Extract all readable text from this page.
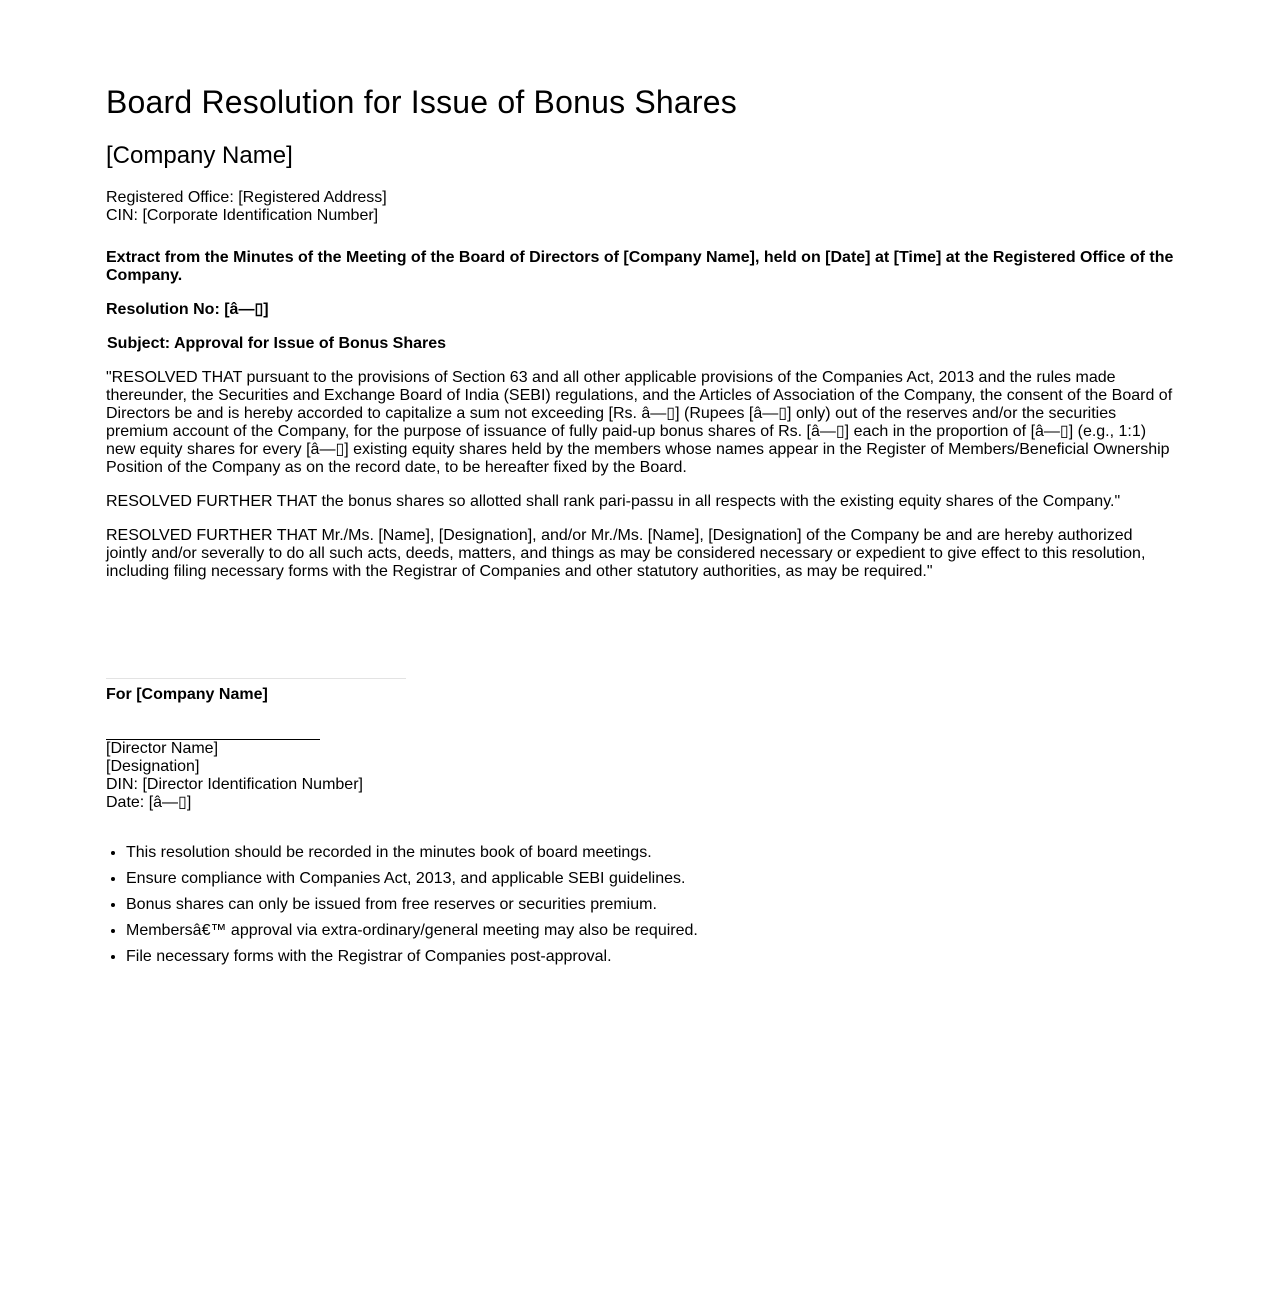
Board Resolution for Issue of Bonus Shares
[Company Name]
Registered Office: [Registered Address]
CIN: [Corporate Identification Number]

Extract from the Minutes of the Meeting of the Board of Directors of [Company Name], held on [Date] at [Time] at the Registered Office of the Company.

Resolution No: [â—▯]

Subject: Approval for Issue of Bonus Shares

"RESOLVED THAT pursuant to the provisions of Section 63 and all other applicable provisions of the Companies Act, 2013 and the rules made thereunder, the Securities and Exchange Board of India (SEBI) regulations, and the Articles of Association of the Company, the consent of the Board of Directors be and is hereby accorded to capitalize a sum not exceeding [Rs. â—▯] (Rupees [â—▯] only) out of the reserves and/or the securities premium account of the Company, for the purpose of issuance of fully paid-up bonus shares of Rs. [â—▯] each in the proportion of [â—▯] (e.g., 1:1) new equity shares for every [â—▯] existing equity shares held by the members whose names appear in the Register of Members/Beneficial Ownership Position of the Company as on the record date, to be hereafter fixed by the Board.

RESOLVED FURTHER THAT the bonus shares so allotted shall rank pari-passu in all respects with the existing equity shares of the Company."

RESOLVED FURTHER THAT Mr./Ms. [Name], [Designation], and/or Mr./Ms. [Name], [Designation] of the Company be and are hereby authorized jointly and/or severally to do all such acts, deeds, matters, and things as may be considered necessary or expedient to give effect to this resolution, including filing necessary forms with the Registrar of Companies and other statutory authorities, as may be required."

For [Company Name]

[Director Name]
[Designation]
DIN: [Director Identification Number]
Date: [â—▯]
• This resolution should be recorded in the minutes book of board meetings.
• Ensure compliance with Companies Act, 2013, and applicable SEBI guidelines.
• Bonus shares can only be issued from free reserves or securities premium.
• Membersâ€™ approval via extra-ordinary/general meeting may also be required.
• File necessary forms with the Registrar of Companies post-approval.
